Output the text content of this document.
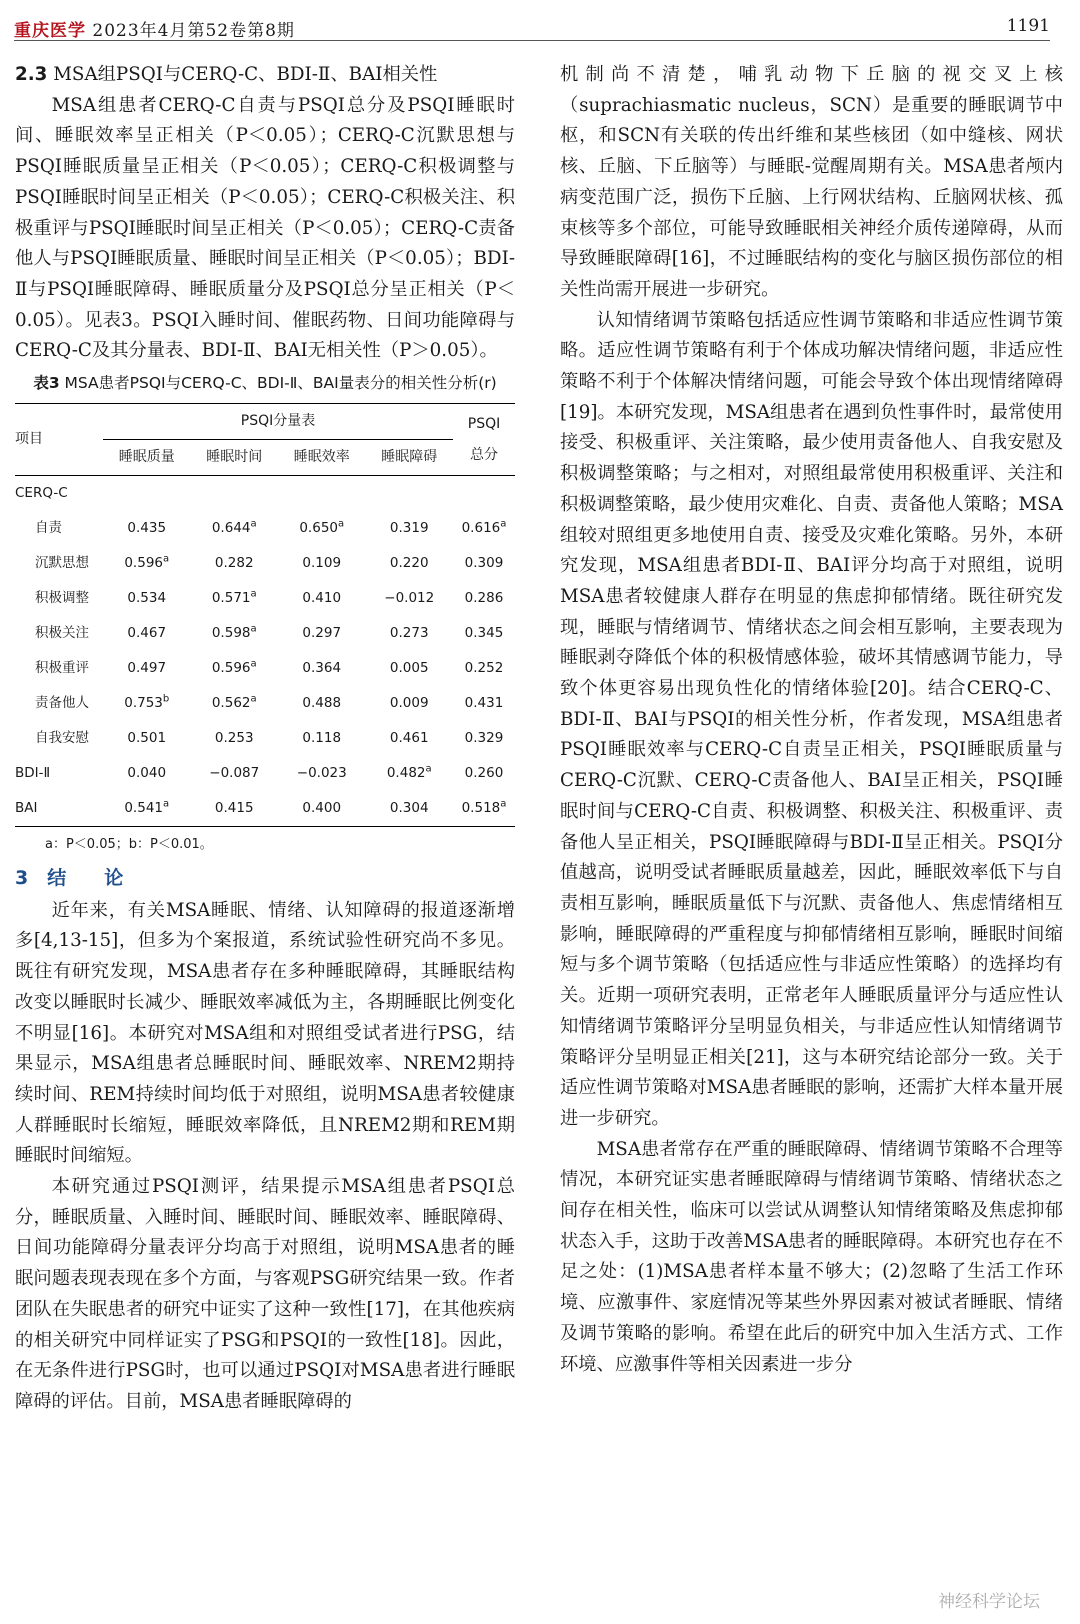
重庆医学 2023年4月第52卷第8期	1191

2.3 MSA组PSQI与CERQ-C、BDI-Ⅱ、BAI相关性

MSA组患者CERQ-C自责与PSQI总分及PSQI睡眠时间、睡眠效率呈正相关（P＜0.05）；CERQ-C沉默思想与PSQI睡眠质量呈正相关（P＜0.05）；CERQ-C积极调整与PSQI睡眠时间呈正相关（P＜0.05）；CERQ-C积极关注、积极重评与PSQI睡眠时间呈正相关（P＜0.05）；CERQ-C责备他人与PSQI睡眠质量、睡眠时间呈正相关（P＜0.05）；BDI-Ⅱ与PSQI睡眠障碍、睡眠质量分及PSQI总分呈正相关（P＜0.05）。见表3。PSQI入睡时间、催眠药物、日间功能障碍与CERQ-C及其分量表、BDI-Ⅱ、BAI无相关性（P＞0.05）。

表3 MSA患者PSQI与CERQ-C、BDI-Ⅱ、BAI量表分的相关性分析(r)
项目	PSQI分量表				PSQI
总分

	睡眠质量	睡眠时间	睡眠效率	睡眠障碍	
CERQ-C					
自责	0.435	0.644$^a$	0.650$^a$	0.319	0.616$^a$
沉默思想	0.596$^a$	0.282	0.109	0.220	0.309
积极调整	0.534	0.571$^a$	0.410	−0.012	0.286
积极关注	0.467	0.598$^a$	0.297	0.273	0.345
积极重评	0.497	0.596$^a$	0.364	0.005	0.252
责备他人	0.753$^b$	0.562$^a$	0.488	0.009	0.431
自我安慰	0.501	0.253	0.118	0.461	0.329
BDI-Ⅱ	0.040	−0.087	−0.023	0.482$^a$	0.260
BAI	0.541$^a$	0.415	0.400	0.304	0.518$^a$
a：P＜0.05；b：P＜0.01。
3　结　　论

近年来，有关MSA睡眠、情绪、认知障碍的报道逐渐增多[4,13-15]，但多为个案报道，系统试验性研究尚不多见。既往有研究发现，MSA患者存在多种睡眠障碍，其睡眠结构改变以睡眠时长减少、睡眠效率减低为主，各期睡眠比例变化不明显[16]。本研究对MSA组和对照组受试者进行PSG，结果显示，MSA组患者总睡眠时间、睡眠效率、NREM2期持续时间、REM持续时间均低于对照组，说明MSA患者较健康人群睡眠时长缩短，睡眠效率降低，且NREM2期和REM期睡眠时间缩短。

本研究通过PSQI测评，结果提示MSA组患者PSQI总分，睡眠质量、入睡时间、睡眠时间、睡眠效率、睡眠障碍、日间功能障碍分量表评分均高于对照组，说明MSA患者的睡眠问题表现表现在多个方面，与客观PSG研究结果一致。作者团队在失眠患者的研究中证实了这种一致性[17]，在其他疾病的相关研究中同样证实了PSG和PSQI的一致性[18]。因此，在无条件进行PSG时，也可以通过PSQI对MSA患者进行睡眠障碍的评估。目前，MSA患者睡眠障碍的

机制尚不清楚，哺乳动物下丘脑的视交叉上核（suprachiasmatic nucleus，SCN）是重要的睡眠调节中枢，和SCN有关联的传出纤维和某些核团（如中缝核、网状核、丘脑、下丘脑等）与睡眠-觉醒周期有关。MSA患者颅内病变范围广泛，损伤下丘脑、上行网状结构、丘脑网状核、孤束核等多个部位，可能导致睡眠相关神经介质传递障碍，从而导致睡眠障碍[16]，不过睡眠结构的变化与脑区损伤部位的相关性尚需开展进一步研究。

认知情绪调节策略包括适应性调节策略和非适应性调节策略。适应性调节策略有利于个体成功解决情绪问题，非适应性策略不利于个体解决情绪问题，可能会导致个体出现情绪障碍[19]。本研究发现，MSA组患者在遇到负性事件时，最常使用接受、积极重评、关注策略，最少使用责备他人、自我安慰及积极调整策略；与之相对，对照组最常使用积极重评、关注和积极调整策略，最少使用灾难化、自责、责备他人策略；MSA组较对照组更多地使用自责、接受及灾难化策略。另外，本研究发现，MSA组患者BDI-Ⅱ、BAI评分均高于对照组，说明MSA患者较健康人群存在明显的焦虑抑郁情绪。既往研究发现，睡眠与情绪调节、情绪状态之间会相互影响，主要表现为睡眠剥夺降低个体的积极情感体验，破坏其情感调节能力，导致个体更容易出现负性化的情绪体验[20]。结合CERQ-C、BDI-Ⅱ、BAI与PSQI的相关性分析，作者发现，MSA组患者PSQI睡眠效率与CERQ-C自责呈正相关，PSQI睡眠质量与CERQ-C沉默、CERQ-C责备他人、BAI呈正相关，PSQI睡眠时间与CERQ-C自责、积极调整、积极关注、积极重评、责备他人呈正相关，PSQI睡眠障碍与BDI-Ⅱ呈正相关。PSQI分值越高，说明受试者睡眠质量越差，因此，睡眠效率低下与自责相互影响，睡眠质量低下与沉默、责备他人、焦虑情绪相互影响，睡眠障碍的严重程度与抑郁情绪相互影响，睡眠时间缩短与多个调节策略（包括适应性与非适应性策略）的选择均有关。近期一项研究表明，正常老年人睡眠质量评分与适应性认知情绪调节策略评分呈明显负相关，与非适应性认知情绪调节策略评分呈明显正相关[21]，这与本研究结论部分一致。关于适应性调节策略对MSA患者睡眠的影响，还需扩大样本量开展进一步研究。

MSA患者常存在严重的睡眠障碍、情绪调节策略不合理等情况，本研究证实患者睡眠障碍与情绪调节策略、情绪状态之间存在相关性，临床可以尝试从调整认知情绪策略及焦虑抑郁状态入手，这助于改善MSA患者的睡眠障碍。本研究也存在不足之处：(1)MSA患者样本量不够大；(2)忽略了生活工作环境、应激事件、家庭情况等某些外界因素对被试者睡眠、情绪及调节策略的影响。希望在此后的研究中加入生活方式、工作环境、应激事件等相关因素进一步分

神经科学论坛
